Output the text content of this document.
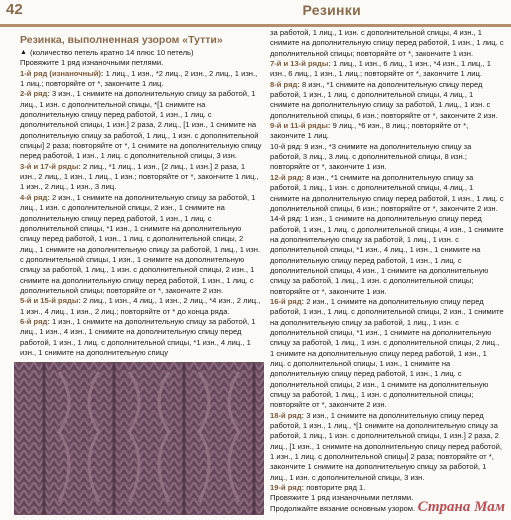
42	Резинки
Резинка, выполненная узором «Тутти»
▲ (количество петель кратно 14 плюс 10 петель)

Провяжите 1 ряд изнаночными петлями.

1-й ряд (изнаночный): 1 лиц., 1 изн., *2 лиц., 2 изн., 2 лиц., 1 изн., 1 лиц.; повторяйте от *, закончите 1 лиц.

2-й ряд: 3 изн., 1 снимите на дополнительную спицу за работой, 1 лиц., 1 изн. с дополнительной спицы, *[1 снимите на дополнительную спицу перед работой, 1 изн., 1 лиц. с дополнительной спицы, 1 изн.] 2 раза, 2 лиц., [1 изн., 1 снимите на дополнительную спицу за работой, 1 лиц., 1 изн. с дополнительной спицы] 2 раза; повторяйте от *, 1 снимите на дополнительную спицу перед работой, 1 изн., 1 лиц. с дополнительной спицы, 3 изн.

3-й и 17-й ряды: 2 лиц., *1 лиц., 1 изн., [2 лиц., 1 изн.] 2 раза, 1 изн., 2 лиц., 1 изн., 1 лиц., 1 изн.; повторяйте от *, закончите 1 лиц., 1 изн., 2 лиц., 1 изн., 3 лиц.

4-й ряд: 2 изн., 1 снимите на дополнительную спицу за работой, 1 лиц., 1 изн. с дополнительной спицы, 2 изн., 1 снимите на дополнительную спицу перед работой, 1 изн., 1 лиц. с дополнительной спицы, *1 изн., 1 снимите на дополнительную спицу перед работой, 1 изн., 1 лиц. с дополнительной спицы, 2 лиц., 1 снимите на дополнительную спицу за работой, 1 лиц., 1 изн. с дополнительной спицы, 1 изн., 1 снимите на дополнительную спицу за работой, 1 лиц., 1 изн. с дополнительной спицы, 2 изн., 1 снимите на дополнительную спицу перед работой, 1 изн., 1 лиц. с дополнительной спицы; повторяйте от *, закончите 2 изн.

5-й и 15-й ряды: 2 лиц., 1 изн., 4 лиц., 1 изн., 2 лиц., *4 изн., 2 лиц., 1 изн., 4 лиц., 1 изн., 2 лиц.; повторяйте от * до конца ряда.

6-й ряд: 1 изн., 1 снимите на дополнительную спицу за работой, 1 лиц., 1 изн., 4 изн., 1 снимите на дополнительную спицу перед работой, 1 изн., 1 лиц. с дополнительной спицы, *1 изн., 4 лиц., 1 изн., 1 снимите на дополнительную спицу

за работой, 1 лиц., 1 изн. с дополнительной спицы, 4 изн., 1 снимите на дополнительную спицу перед работой, 1 изн., 1 лиц. с дополнительной спицы; повторяйте от *, закончите 1 изн.

7-й и 13-й ряды: 1 лиц., 1 изн., 6 лиц., 1 изн., *4 изн., 1 лиц., 1 изн., 6 лиц., 1 изн., 1 лиц.; повторяйте от *, закончите 1 лиц.

8-й ряд: 8 изн., *1 снимите на дополнительную спицу перед работой, 1 изн., 1 лиц. с дополнительной спицы, 4 лиц., 1 снимите на дополнительную спицу за работой, 1 лиц., 1 изн. с дополнительной спицы, 6 изн.; повторяйте от *, закончите 2 изн.

9-й и 11-й ряды: 9 лиц., *6 изн., 8 лиц.; повторяйте от *, закончите 1 лиц.

10-й ряд: 9 изн., *3 снимите на дополнительную спицу за работой, 3 лиц., 3 лиц. с дополнительной спицы, 8 изн.; повторяйте от *, закончите 1 изн.

12-й ряд: 8 изн., *1 снимите на дополнительную спицу за работой, 1 лиц., 1 изн. с дополнительной спицы, 4 лиц., 1 снимите на дополнительную спицу перед работой, 1 изн., 1 лиц. с дополнительной спицы, 6 изн.; повторяйте от *, закончите 2 изн.

14-й ряд: 1 изн., 1 снимите на дополнительную спицу перед работой, 1 изн., 1 лиц. с дополнительной спицы, 4 изн., 1 снимите на дополнительную спицу за работой, 1 лиц., 1 изн. с дополнительной спицы, *1 изн., 4 лиц., 1 изн., 1 снимите на дополнительную спицу перед работой, 1 изн., 1 лиц. с дополнительной спицы, 4 изн., 1 снимите на дополнительную спицу за работой, 1 лиц., 1 изн. с дополнительной спицы; повторяйте от *, закончите 1 изн.

16-й ряд: 2 изн., 1 снимите на дополнительную спицу перед работой, 1 изн., 1 лиц. с дополнительной спицы, 2 изн., 1 снимите на дополнительную спицу за работой, 1 лиц., 1 изн. с дополнительной спицы, *1 изн., 1 снимите на дополнительную спицу за работой, 1 лиц., 1 изн. с дополнительной спицы, 2 лиц., 1 снимите на дополнительную спицу перед работой, 1 изн., 1 лиц. с дополнительной спицы, 1 изн., 1 снимите на дополнительную спицу перед работой, 1 изн., 1 лиц. с дополнительной спицы, 2 изн., 1 снимите на дополнительную спицу за работой, 1 лиц., 1 изн. с дополнительной спицы; повторяйте от *, закончите 2 изн.

18-й ряд: 3 изн., 1 снимите на дополнительную спицу перед работой, 1 изн., 1 лиц., *[1 снимите на дополнительную спицу за работой, 1 лиц., 1 изн. с дополнительной спицы, 1 изн.] 2 раза, 2 лиц., [1 изн., 1 снимите на дополнительную спицу перед работой, 1 изн., 1 лиц. с дополнительной спицы] 2 раза; повторяйте от *, закончите 1 снимите на дополнительную спицу за работой, 1 лиц., 1 изн. с дополнительной спицы, 3 изн.

19-й ряд: повторите ряд 1.

Провяжите 1 ряд изнаночными петлями.

Продолжайте вязание основным узором. Страна Мам
